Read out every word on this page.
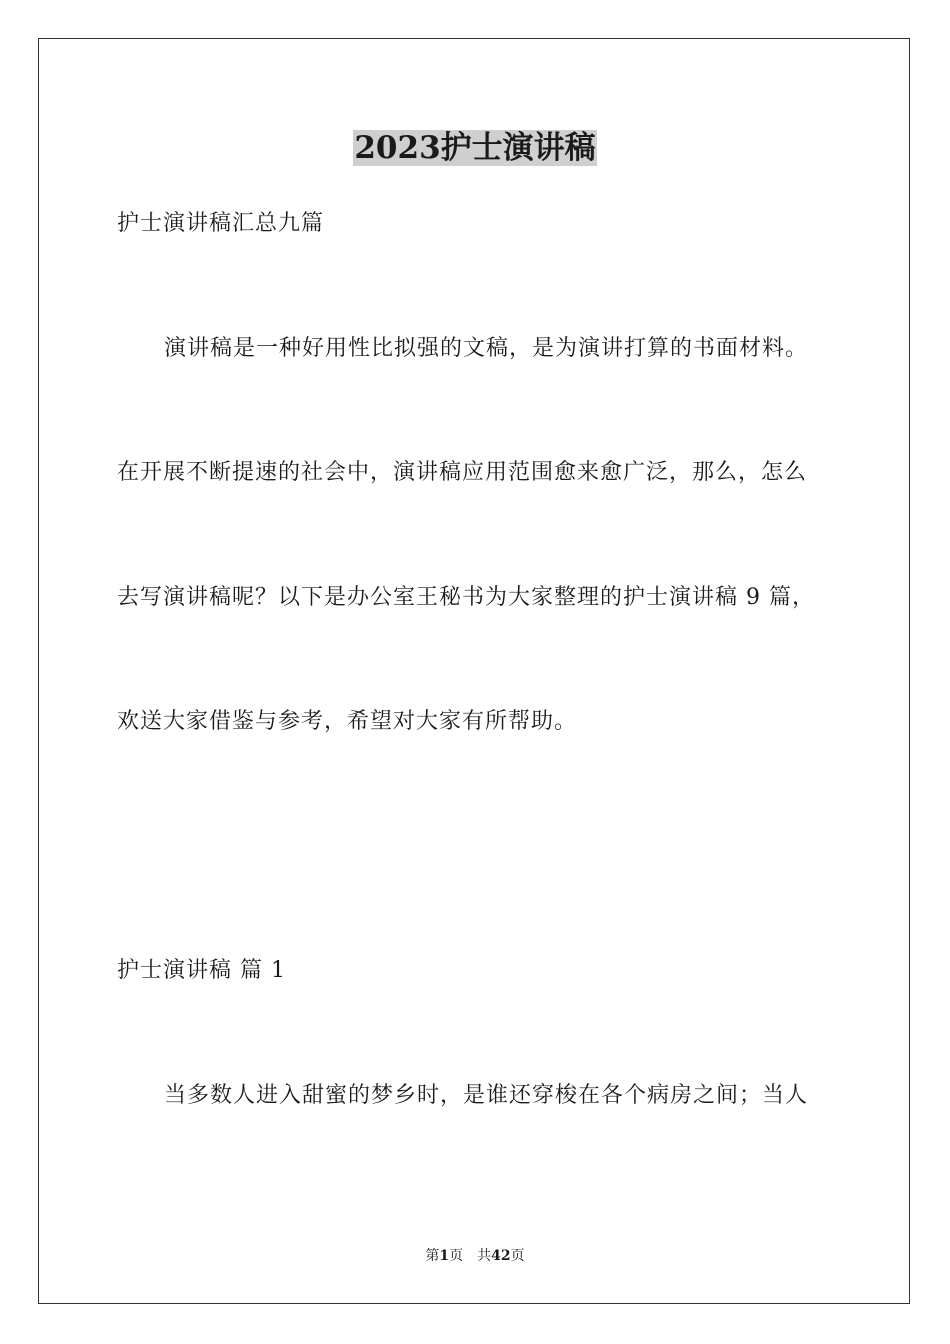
2023护士演讲稿
护士演讲稿汇总九篇
演讲稿是一种好用性比拟强的文稿，是为演讲打算的书面材料。
在开展不断提速的社会中，演讲稿应用范围愈来愈广泛，那么，怎么
去写演讲稿呢？以下是办公室王秘书为大家整理的护士演讲稿 9 篇，
欢送大家借鉴与参考，希望对大家有所帮助。
护士演讲稿 篇 1
当多数人进入甜蜜的梦乡时，是谁还穿梭在各个病房之间；当人
第1页　共42页
